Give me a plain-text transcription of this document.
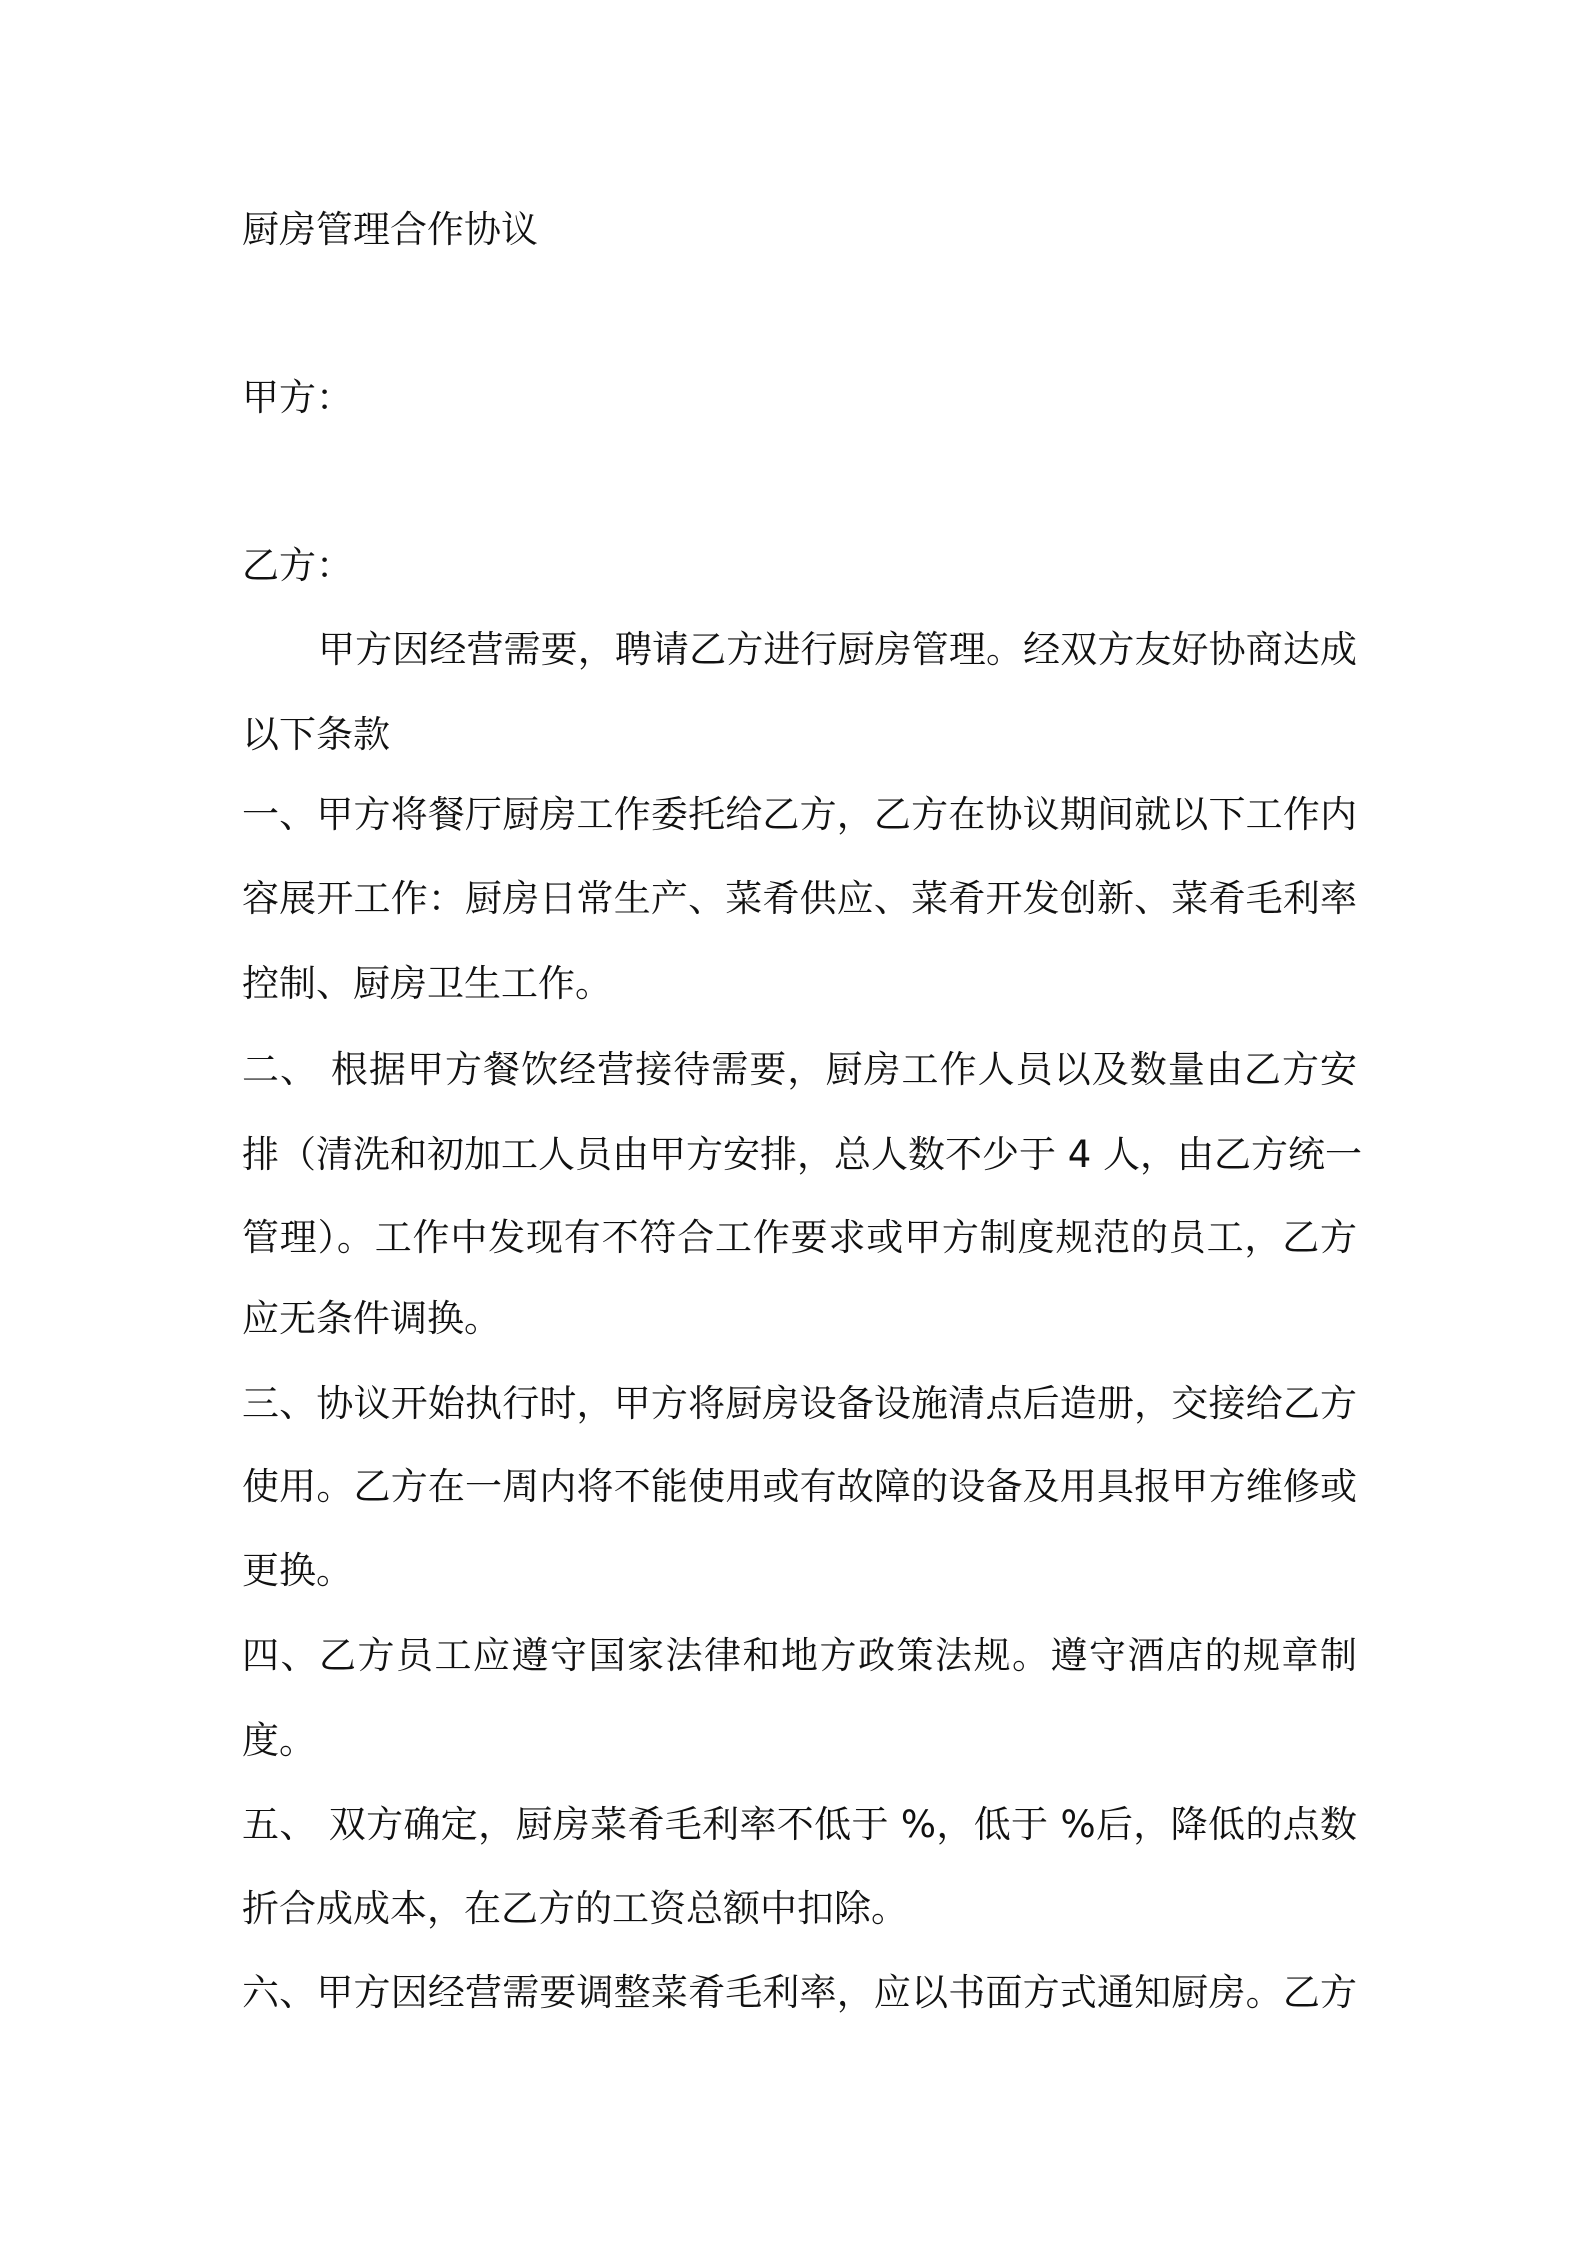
厨房管理合作协议

甲方：

乙方：

甲方因经营需要，聘请乙方进行厨房管理。经双方友好协商达成

以下条款

一、甲方将餐厅厨房工作委托给乙方，乙方在协议期间就以下工作内

容展开工作：厨房日常生产、菜肴供应、菜肴开发创新、菜肴毛利率

控制、厨房卫生工作。

二、 根据甲方餐饮经营接待需要，厨房工作人员以及数量由乙方安

排（清洗和初加工人员由甲方安排，总人数不少于 4 人，由乙方统一

管理）。工作中发现有不符合工作要求或甲方制度规范的员工，乙方

应无条件调换。

三、协议开始执行时，甲方将厨房设备设施清点后造册，交接给乙方

使用。乙方在一周内将不能使用或有故障的设备及用具报甲方维修或

更换。

四、乙方员工应遵守国家法律和地方政策法规。遵守酒店的规章制

度。

五、 双方确定，厨房菜肴毛利率不低于 %，低于 %后，降低的点数

折合成成本，在乙方的工资总额中扣除。

六、甲方因经营需要调整菜肴毛利率，应以书面方式通知厨房。乙方
